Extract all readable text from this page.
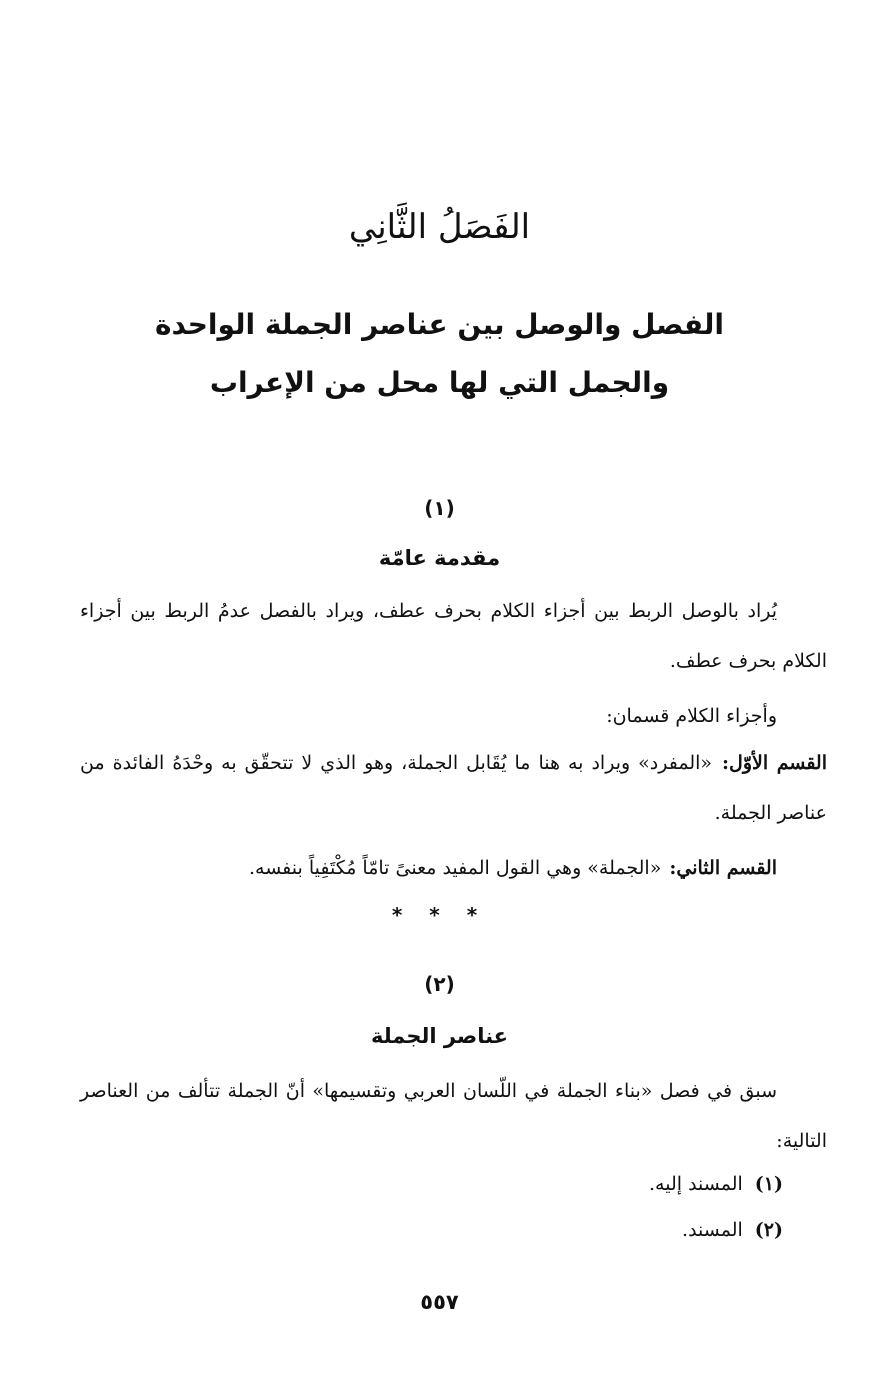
الفَصَلُ الثَّانِي
الفصل والوصل بين عناصر الجملة الواحدة
والجمل التي لها محل من الإعراب
(١)
مقدمة عامّة

يُراد بالوصل الربط بين أجزاء الكلام بحرف عطف، ويراد بالفصل عدمُ الربط بين أجزاء الكلام بحرف عطف.

وأجزاء الكلام قسمان:

القسم الأوّل: «المفرد» ويراد به هنا ما يُقَابل الجملة، وهو الذي لا تتحقّق به وحْدَهُ الفائدة من عناصر الجملة.

القسم الثاني: «الجملة» وهي القول المفيد معنىً تامّاً مُكْتَفِياً بنفسه.

* * *
(٢)
عناصر الجملة

سبق في فصل «بناء الجملة في اللّسان العربي وتقسيمها» أنّ الجملة تتألف من العناصر التالية:

(١)المسند إليه.
(٢)المسند.
٥٥٧
